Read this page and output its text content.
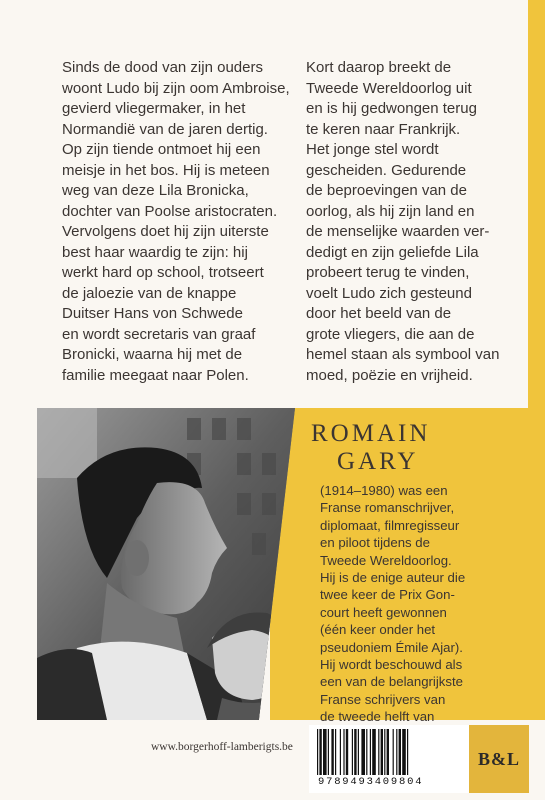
Sinds de dood van zijn ouders
woont Ludo bij zijn oom Ambroise,
gevierd vliegermaker, in het
Normandië van de jaren dertig.
Op zijn tiende ontmoet hij een
meisje in het bos. Hij is meteen
weg van deze Lila Bronicka,
dochter van Poolse aristocraten.
Vervolgens doet hij zijn uiterste
best haar waardig te zijn: hij
werkt hard op school, trotseert
de jaloezie van de knappe
Duitser Hans von Schwede
en wordt secretaris van graaf
Bronicki, waarna hij met de
familie meegaat naar Polen.
Kort daarop breekt de
Tweede Wereldoorlog uit
en is hij gedwongen terug
te keren naar Frankrijk.
Het jonge stel wordt
gescheiden. Gedurende
de beproevingen van de
oorlog, als hij zijn land en
de menselijke waarden ver-
dedigt en zijn geliefde Lila
probeert terug te vinden,
voelt Ludo zich gesteund
door het beeld van de
grote vliegers, die aan de
hemel staan als symbool van
moed, poëzie en vrijheid.
ROMAIN
GARY
(1914–1980) was een
Franse romanschrijver,
diplomaat, filmregisseur
en piloot tijdens de
Tweede Wereldoorlog.
Hij is de enige auteur die
twee keer de Prix Gon-
court heeft gewonnen
(één keer onder het
pseudoniem Émile Ajar).
Hij wordt beschouwd als
een van de belangrijkste
Franse schrijvers van
de tweede helft van

www.borgerhoff-lamberigts.be
9789493409804
B&L
